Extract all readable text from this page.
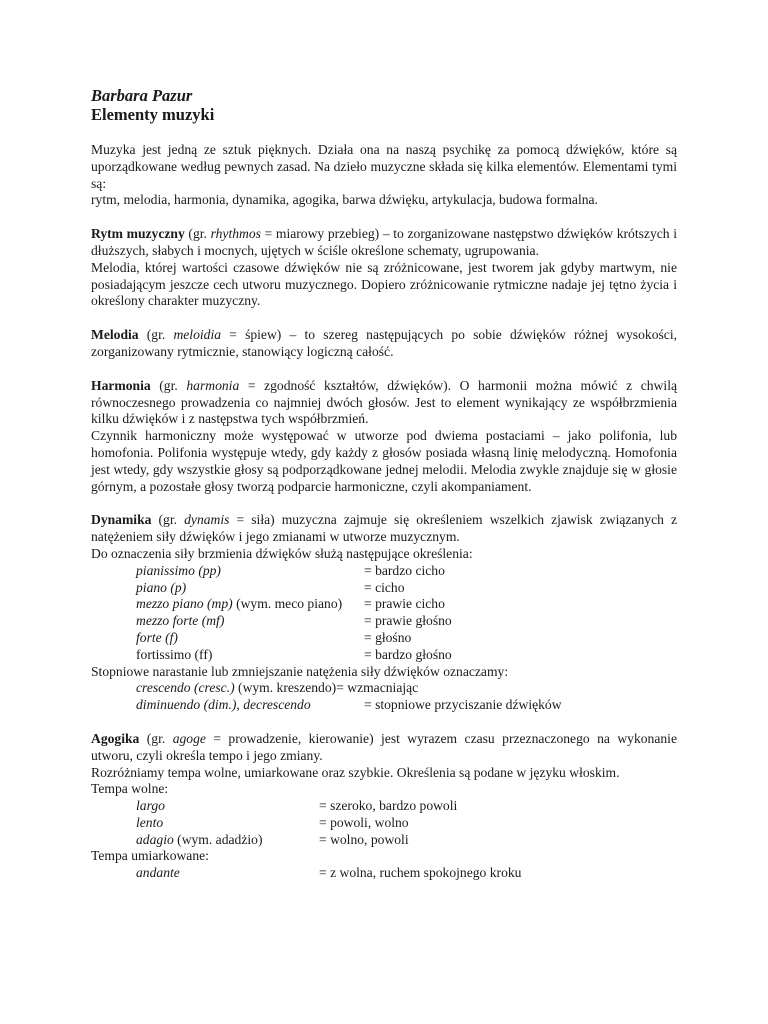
Barbara Pazur
Elementy muzyki

Muzyka jest jedną ze sztuk pięknych. Działa ona na naszą psychikę za pomocą dźwięków, które są uporządkowane według pewnych zasad. Na dzieło muzyczne składa się kilka elementów. Elementami tymi są:

rytm, melodia, harmonia, dynamika, agogika, barwa dźwięku, artykulacja, budowa formalna.

Rytm muzyczny (gr. rhythmos = miarowy przebieg) – to zorganizowane następstwo dźwięków krótszych i dłuższych, słabych i mocnych, ujętych w ściśle określone schematy, ugrupowania.

Melodia, której wartości czasowe dźwięków nie są zróżnicowane, jest tworem jak gdyby martwym, nie posiadającym jeszcze cech utworu muzycznego. Dopiero zróżnicowanie rytmiczne nadaje jej tętno życia i określony charakter muzyczny.

Melodia (gr. meloidia = śpiew) – to szereg następujących po sobie dźwięków różnej wysokości, zorganizowany rytmicznie, stanowiący logiczną całość.

Harmonia (gr. harmonia = zgodność kształtów, dźwięków). O harmonii można mówić z chwilą równoczesnego prowadzenia co najmniej dwóch głosów. Jest to element wynikający ze współbrzmienia kilku dźwięków i z następstwa tych współbrzmień.

Czynnik harmoniczny może występować w utworze pod dwiema postaciami – jako polifonia, lub homofonia. Polifonia występuje wtedy, gdy każdy z głosów posiada własną linię melodyczną. Homofonia jest wtedy, gdy wszystkie głosy są podporządkowane jednej melodii. Melodia zwykle znajduje się w głosie górnym, a pozostałe głosy tworzą podparcie harmoniczne, czyli akompaniament.

Dynamika (gr. dynamis = siła) muzyczna zajmuje się określeniem wszelkich zjawisk związanych z natężeniem siły dźwięków i jego zmianami w utworze muzycznym.

Do oznaczenia siły brzmienia dźwięków służą następujące określenia:

pianissimo (pp)	= bardzo cicho
piano (p)	= cicho
mezzo piano (mp) (wym. meco piano)	= prawie cicho
mezzo forte (mf)	= prawie głośno
forte (f)	= głośno
fortissimo (ff)	= bardzo głośno

Stopniowe narastanie lub zmniejszanie natężenia siły dźwięków oznaczamy:

crescendo (cresc.) (wym. kreszendo) = wzmacniając
diminuendo (dim.), decrescendo	= stopniowe przyciszanie dźwięków

Agogika (gr. agoge = prowadzenie, kierowanie) jest wyrazem czasu przeznaczonego na wykonanie utworu, czyli określa tempo i jego zmiany.

Rozróżniamy tempa wolne, umiarkowane oraz szybkie. Określenia są podane w języku włoskim.

Tempa wolne:

largo	= szeroko, bardzo powoli
lento	= powoli, wolno
adagio (wym. adadżio)	= wolno, powoli

Tempa umiarkowane:

andante	= z wolna, ruchem spokojnego kroku
